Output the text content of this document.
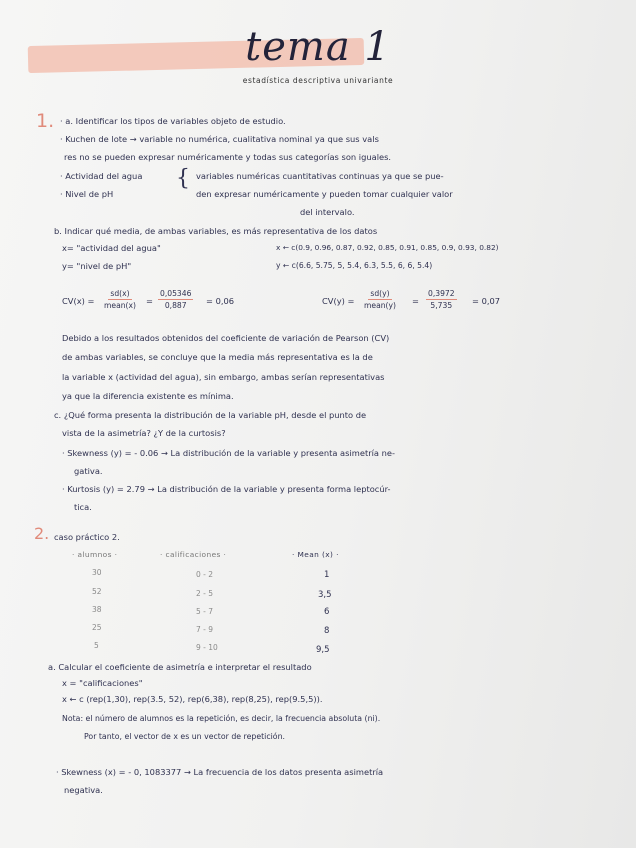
tema 1
estadística descriptiva univariante
1. · a. Identificar los tipos de variables objeto de estudio.
· Kuchen de lote → variable no numérica, cualitativa nominal ya que sus vals
res no se pueden expresar numéricamente y todas sus categorías son iguales.
· Actividad del agua
· Nivel de pH
{ variables numéricas cuantitativas continuas ya que se pue-
den expresar numéricamente y pueden tomar cualquier valor
del intervalo.
b. Indicar qué media, de ambas variables, es más representativa de los datos
x= "actividad del agua"	x ← c(0.9, 0.96, 0.87, 0.92, 0.85, 0.91, 0.85, 0.9, 0.93, 0.82)
y= "nivel de pH"	y ← c(6.6, 5.75, 5, 5.4, 6.3, 5.5, 6, 6, 5.4)
CV(x) =
sd(x)
mean(x) = $\frac{0,05346}{0,887} = 0,06$	CV(y) =
sd(y)
mean(y) = $\frac{0,3972}{5,735} = 0,07$
Debido a los resultados obtenidos del coeficiente de variación de Pearson (CV)
de ambas variables, se concluye que la media más representativa es la de
la variable x (actividad del agua), sin embargo, ambas serían representativas
ya que la diferencia existente es mínima.
c. ¿Qué forma presenta la distribución de la variable pH, desde el punto de
vista de la asimetría? ¿Y de la curtosis?
· Skewness (y) = - 0.06 → La distribución de la variable y presenta asimetría ne-
gativa.
· Kurtosis (y) = 2.79 → La distribución de la variable y presenta forma leptocúr-
tica.
2. caso práctico 2.
· alumnos ·	· calificaciones ·	· Mean (x) ·
30	0 - 2	1
52	2 - 5	3,5
38	5 - 7	6
25	7 - 9	8
5	9 - 10	9,5
a. Calcular el coeficiente de asimetría e interpretar el resultado
x = "calificaciones"
x ← c (rep(1,30), rep(3.5, 52), rep(6,38), rep(8,25), rep(9.5,5)).
Nota: el número de alumnos es la repetición, es decir, la frecuencia absoluta (ni).
Por tanto, el vector de x es un vector de repetición.
· Skewness (x) = - 0, 1083377 → La frecuencia de los datos presenta asimetría
negativa.
